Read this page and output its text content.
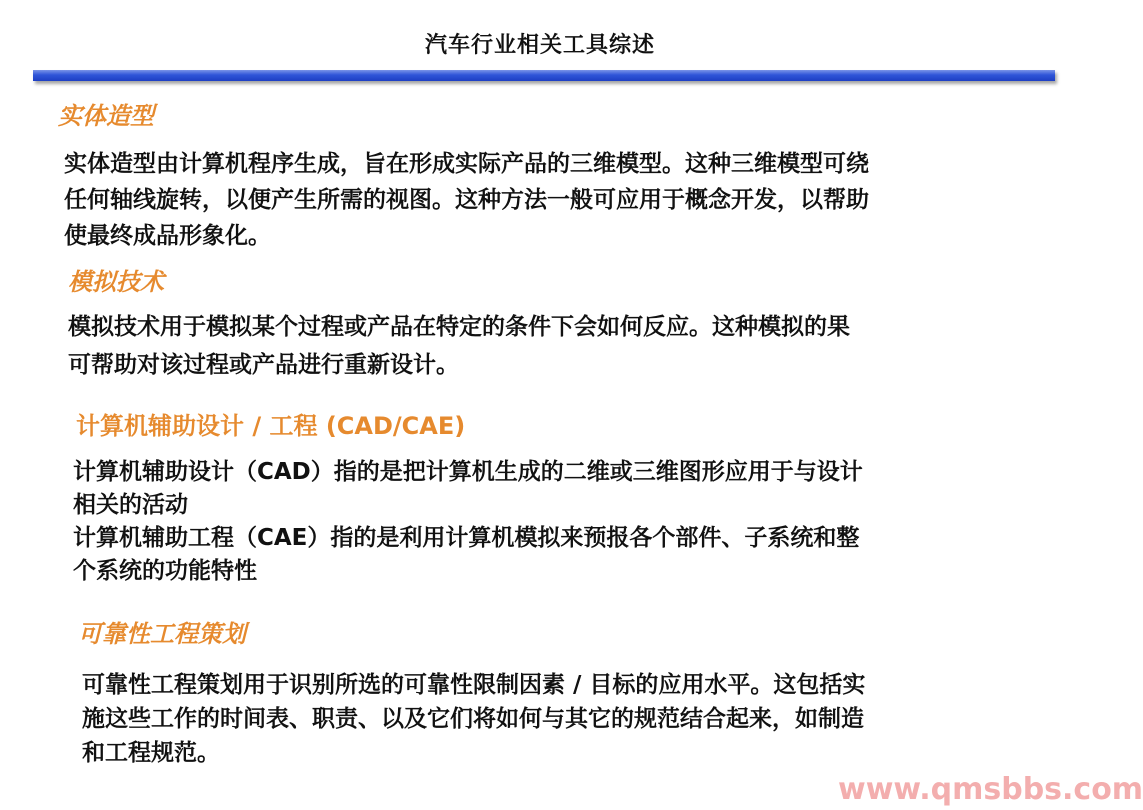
汽车行业相关工具综述
实体造型
实体造型由计算机程序生成，旨在形成实际产品的三维模型。这种三维模型可绕
任何轴线旋转，以便产生所需的视图。这种方法一般可应用于概念开发，以帮助
使最终成品形象化。
模拟技术
模拟技术用于模拟某个过程或产品在特定的条件下会如何反应。这种模拟的果
可帮助对该过程或产品进行重新设计。
计算机辅助设计 / 工程 (CAD/CAE)
计算机辅助设计（CAD）指的是把计算机生成的二维或三维图形应用于与设计
相关的活动
计算机辅助工程（CAE）指的是利用计算机模拟来预报各个部件、子系统和整
个系统的功能特性
可靠性工程策划
可靠性工程策划用于识别所选的可靠性限制因素 / 目标的应用水平。这包括实
施这些工作的时间表、职责、以及它们将如何与其它的规范结合起来，如制造
和工程规范。
www.qmsbbs.com
